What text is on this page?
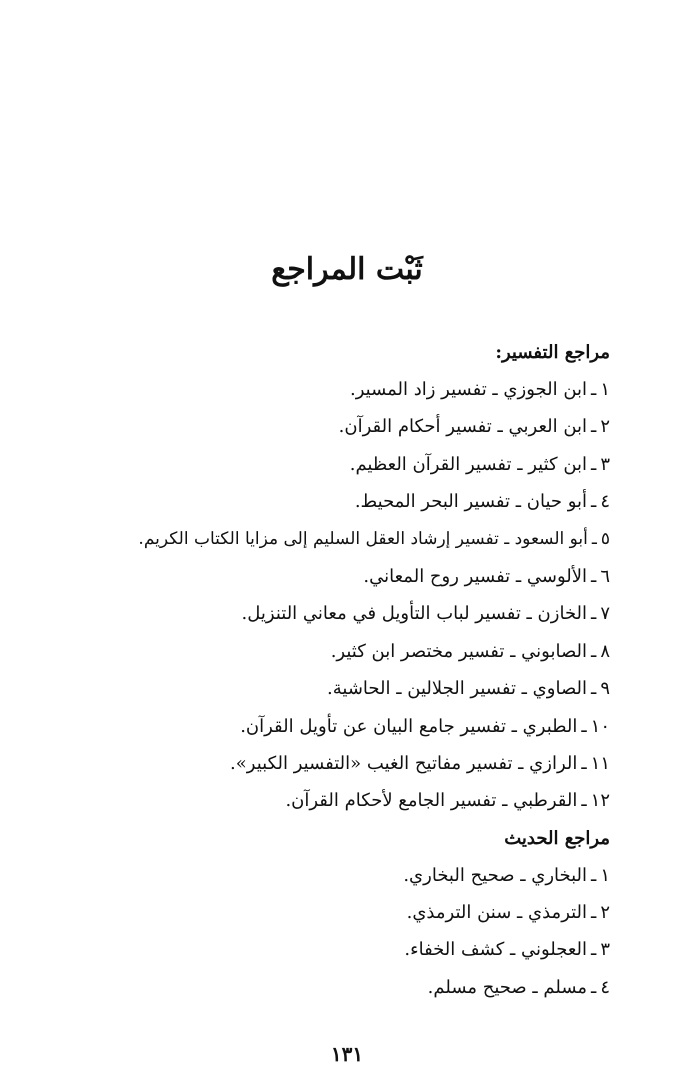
ثَبْت المراجع
مراجع التفسير:
١ـابن الجوزي ـ تفسير زاد المسير.
٢ـابن العربي ـ تفسير أحكام القرآن.
٣ـابن كثير ـ تفسير القرآن العظيم.
٤ـأبو حيان ـ تفسير البحر المحيط.
٥ـأبو السعود ـ تفسير إرشاد العقل السليم إلى مزايا الكتاب الكريم.
٦ـالألوسي ـ تفسير روح المعاني.
٧ـالخازن ـ تفسير لباب التأويل في معاني التنزيل.
٨ـالصابوني ـ تفسير مختصر ابن كثير.
٩ـالصاوي ـ تفسير الجلالين ـ الحاشية.
١٠ـالطبري ـ تفسير جامع البيان عن تأويل القرآن.
١١ـالرازي ـ تفسير مفاتيح الغيب «التفسير الكبير».
١٢ـالقرطبي ـ تفسير الجامع لأحكام القرآن.
مراجع الحديث
١ـالبخاري ـ صحيح البخاري.
٢ـالترمذي ـ سنن الترمذي.
٣ـالعجلوني ـ كشف الخفاء.
٤ـمسلم ـ صحيح مسلم.
١٣١
